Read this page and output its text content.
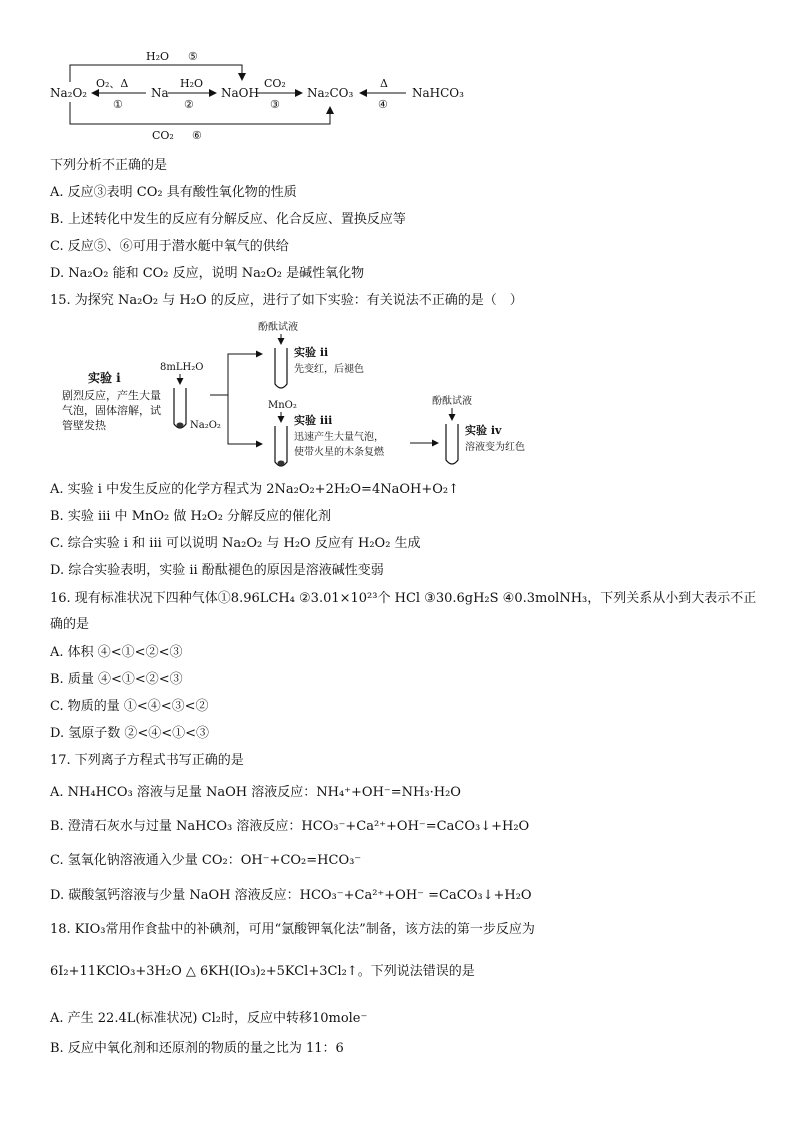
Na₂O₂	Na	NaOH	Na₂CO₃	NaHCO₃
O₂、Δ
①
H₂O
②
CO₂
③
Δ
④
H₂O ⑤
CO₂ ⑥
下列分析不正确的是
A. 反应③表明 CO₂ 具有酸性氧化物的性质
B. 上述转化中发生的反应有分解反应、化合反应、置换反应等
C. 反应⑤、⑥可用于潜水艇中氧气的供给
D. Na₂O₂ 能和 CO₂ 反应，说明 Na₂O₂ 是碱性氧化物
15. 为探究 Na₂O₂ 与 H₂O 的反应，进行了如下实验：有关说法不正确的是（　）
实验 i
剧烈反应，产生大量
气泡，固体溶解，试
管壁发热
8mLH₂O
Na₂O₂
酚酞试液
实验 ii
先变红，后褪色
MnO₂
实验 iii
迅速产生大量气泡，
使带火星的木条复燃
酚酞试液
实验 iv
溶液变为红色
A. 实验 i 中发生反应的化学方程式为 2Na₂O₂+2H₂O=4NaOH+O₂↑
B. 实验 iii 中 MnO₂ 做 H₂O₂ 分解反应的催化剂
C. 综合实验 i 和 iii 可以说明 Na₂O₂ 与 H₂O 反应有 H₂O₂ 生成
D. 综合实验表明，实验 ii 酚酞褪色的原因是溶液碱性变弱
16. 现有标准状况下四种气体①8.96LCH₄ ②3.01×10²³个 HCl ③30.6gH₂S ④0.3molNH₃，下列关系从小到大表示不正
确的是
A. 体积 ④<①<②<③
B. 质量 ④<①<②<③
C. 物质的量 ①<④<③<②
D. 氢原子数 ②<④<①<③
17. 下列离子方程式书写正确的是
A. NH₄HCO₃ 溶液与足量 NaOH 溶液反应：NH₄⁺+OH⁻=NH₃·H₂O
B. 澄清石灰水与过量 NaHCO₃ 溶液反应：HCO₃⁻+Ca²⁺+OH⁻=CaCO₃↓+H₂O
C. 氢氧化钠溶液通入少量 CO₂：OH⁻+CO₂=HCO₃⁻
D. 碳酸氢钙溶液与少量 NaOH 溶液反应：HCO₃⁻+Ca²⁺+OH⁻ =CaCO₃↓+H₂O
18. KIO₃常用作食盐中的补碘剂，可用“氯酸钾氧化法”制备，该方法的第一步反应为
6I₂+11KClO₃+3H₂O △ 6KH(IO₃)₂+5KCl+3Cl₂↑。下列说法错误的是
A. 产生 22.4L(标准状况) Cl₂时，反应中转移10mole⁻
B. 反应中氧化剂和还原剂的物质的量之比为 11：6
